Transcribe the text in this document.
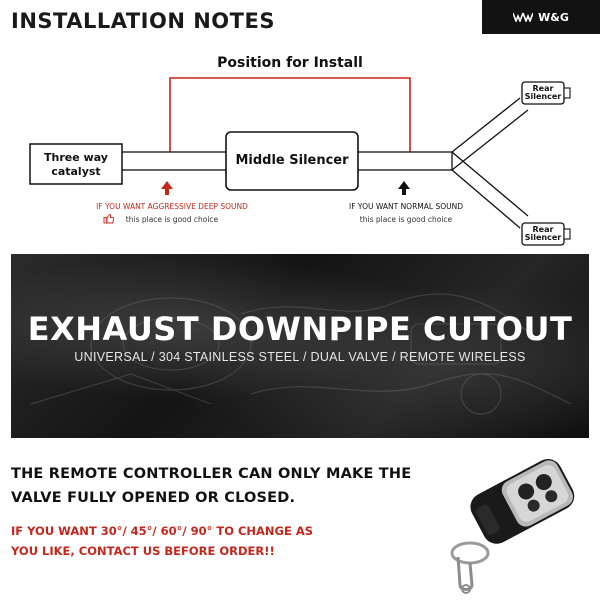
INSTALLATION NOTES	W&G
Position for Install
Three way
catalyst
Middle Silencer
Rear
Silencer
Rear
Silencer
IF YOU WANT AGGRESSIVE DEEP SOUND
this place is good choice
IF YOU WANT NORMAL SOUND
this place is good choice
EXHAUST DOWNPIPE CUTOUT
UNIVERSAL / 304 STAINLESS STEEL / DUAL VALVE / REMOTE WIRELESS
THE REMOTE CONTROLLER CAN ONLY MAKE THE
VALVE FULLY OPENED OR CLOSED.
IF YOU WANT 30°/ 45°/ 60°/ 90° TO CHANGE AS
YOU LIKE, CONTACT US BEFORE ORDER!!
